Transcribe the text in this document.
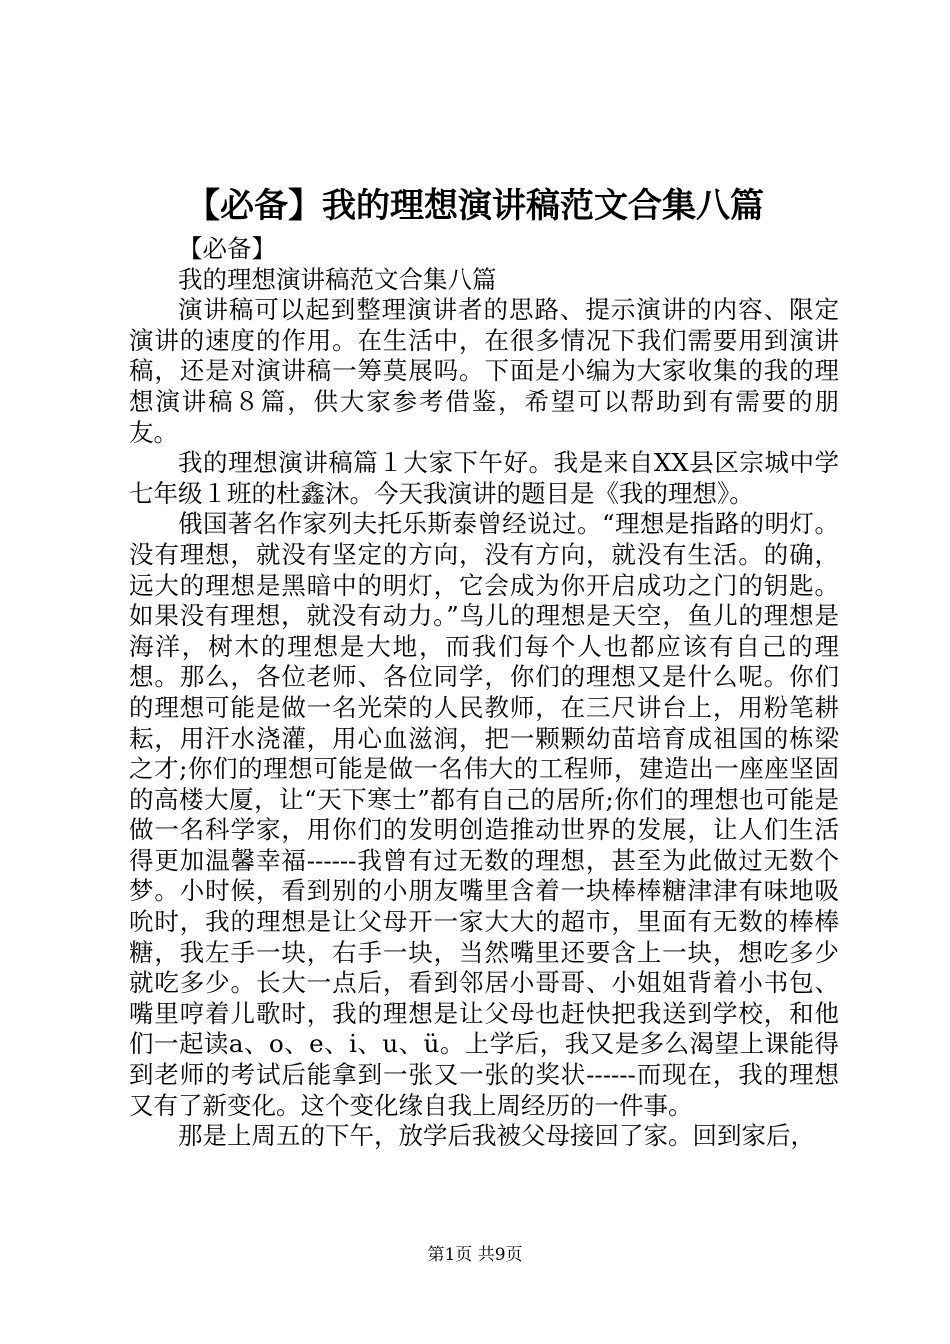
【必备】我的理想演讲稿范文合集八篇

【必备】

我的理想演讲稿范文合集八篇

演讲稿可以起到整理演讲者的思路、提示演讲的内容、限定演讲的速度的作用。在生活中，在很多情况下我们需要用到演讲稿，还是对演讲稿一筹莫展吗。下面是小编为大家收集的我的理想演讲稿８篇，供大家参考借鉴，希望可以帮助到有需要的朋友。

我的理想演讲稿篇１大家下午好。我是来自XX县区宗城中学七年级１班的杜鑫沐。今天我演讲的题目是《我的理想》。

俄国著名作家列夫托乐斯泰曾经说过。“理想是指路的明灯。没有理想，就没有坚定的方向，没有方向，就没有生活。的确，远大的理想是黑暗中的明灯，它会成为你开启成功之门的钥匙。如果没有理想，就没有动力。”鸟儿的理想是天空，鱼儿的理想是海洋，树木的理想是大地，而我们每个人也都应该有自己的理想。那么，各位老师、各位同学，你们的理想又是什么呢。你们的理想可能是做一名光荣的人民教师，在三尺讲台上，用粉笔耕耘，用汗水浇灌，用心血滋润，把一颗颗幼苗培育成祖国的栋梁之才;你们的理想可能是做一名伟大的工程师，建造出一座座坚固的高楼大厦，让“天下寒士”都有自己的居所;你们的理想也可能是做一名科学家，用你们的发明创造推动世界的发展，让人们生活得更加温馨幸福------我曾有过无数的理想，甚至为此做过无数个梦。小时候，看到别的小朋友嘴里含着一块棒棒糖津津有味地吸吮时，我的理想是让父母开一家大大的超市，里面有无数的棒棒糖，我左手一块，右手一块，当然嘴里还要含上一块，想吃多少就吃多少。长大一点后，看到邻居小哥哥、小姐姐背着小书包、嘴里哼着儿歌时，我的理想是让父母也赶快把我送到学校，和他们一起读a、o、e、i、u、ü。上学后，我又是多么渴望上课能得到老师的考试后能拿到一张又一张的奖状------而现在，我的理想又有了新变化。这个变化缘自我上周经历的一件事。

那是上周五的下午，放学后我被父母接回了家。回到家后，

第1页 共9页
